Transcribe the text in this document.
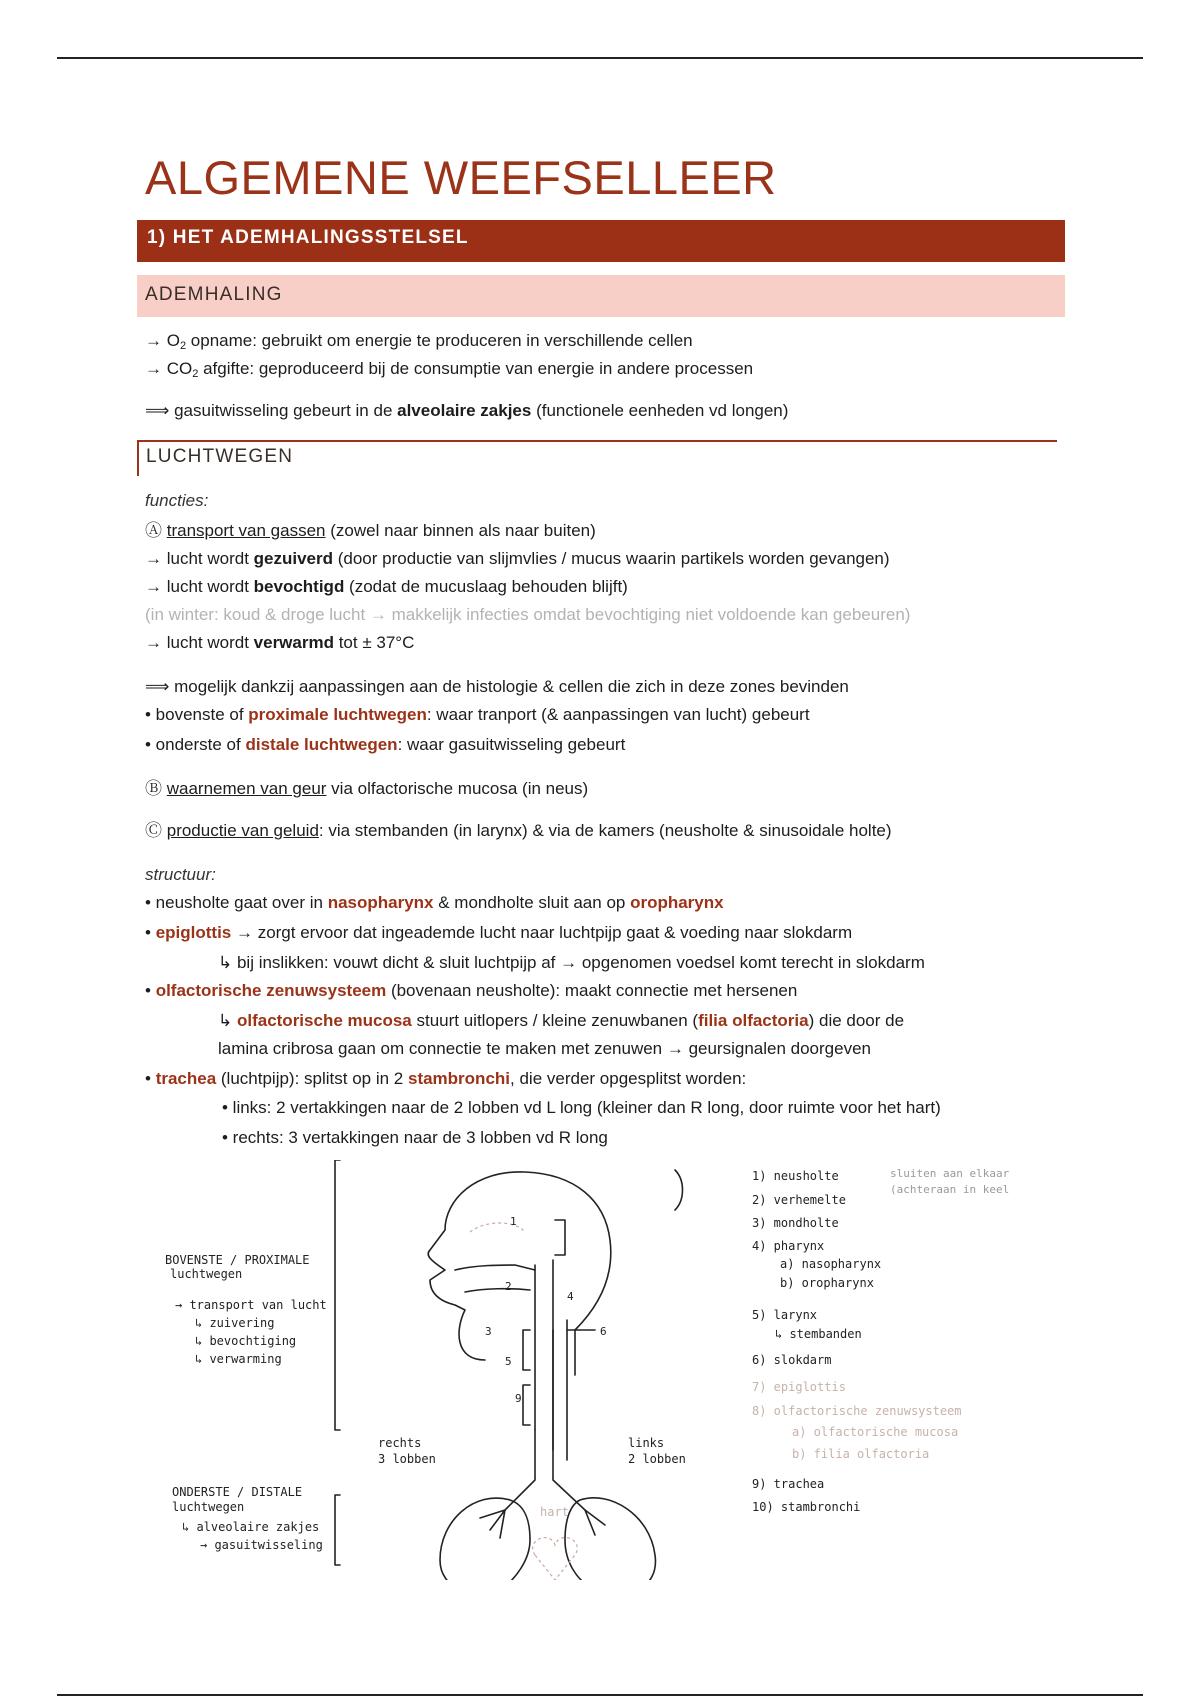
ALGEMENE WEEFSELLEER
1) HET ADEMHALINGSSTELSEL
ADEMHALING
→ $O_2$ opname: gebruikt om energie te produceren in verschillende cellen
→ $CO_2$ afgifte: geproduceerd bij de consumptie van energie in andere processen
⟹ gasuitwisseling gebeurt in de alveolaire zakjes (functionele eenheden vd longen)
LUCHTWEGEN
functies:
Ⓐ transport van gassen (zowel naar binnen als naar buiten)
→ lucht wordt gezuiverd (door productie van slijmvlies / mucus waarin partikels worden gevangen)
→ lucht wordt bevochtigd (zodat de mucuslaag behouden blijft)
(in winter: koud & droge lucht → makkelijk infecties omdat bevochtiging niet voldoende kan gebeuren)
→ lucht wordt verwarmd tot ± 37°C
⟹ mogelijk dankzij aanpassingen aan de histologie & cellen die zich in deze zones bevinden
• bovenste of proximale luchtwegen: waar tranport (& aanpassingen van lucht) gebeurt
• onderste of distale luchtwegen: waar gasuitwisseling gebeurt
Ⓑ waarnemen van geur via olfactorische mucosa (in neus)
Ⓒ productie van geluid: via stembanden (in larynx) & via de kamers (neusholte & sinusoidale holte)
structuur:
• neusholte gaat over in nasopharynx & mondholte sluit aan op oropharynx
• epiglottis → zorgt ervoor dat ingeademde lucht naar luchtpijp gaat & voeding naar slokdarm
↳ bij inslikken: vouwt dicht & sluit luchtpijp af → opgenomen voedsel komt terecht in slokdarm
• olfactorische zenuwsysteem (bovenaan neusholte): maakt connectie met hersenen
↳ olfactorische mucosa stuurt uitlopers / kleine zenuwbanen (filia olfactoria) die door de
lamina cribrosa gaan om connectie te maken met zenuwen → geursignalen doorgeven
• trachea (luchtpijp): splitst op in 2 stambronchi, die verder opgesplitst worden:
• links: 2 vertakkingen naar de 2 lobben vd L long (kleiner dan R long, door ruimte voor het hart)
• rechts: 3 vertakkingen naar de 3 lobben vd R long
1
2
3
4
5
6
9
BOVENSTE / PROXIMALE
luchtwegen
→ transport van lucht
↳ zuivering
↳ bevochtiging
↳ verwarming
ONDERSTE / DISTALE
luchtwegen
↳ alveolaire zakjes
→ gasuitwisseling
rechts
3 lobben
links
2 lobben
hart
1) neusholte
2) verhemelte
3) mondholte
4) pharynx
a) nasopharynx
b) oropharynx
5) larynx
↳ stembanden
6) slokdarm
7) epiglottis
8) olfactorische zenuwsysteem
a) olfactorische mucosa
b) filia olfactoria
9) trachea
10) stambronchi
sluiten aan elkaar
(achteraan in keel
